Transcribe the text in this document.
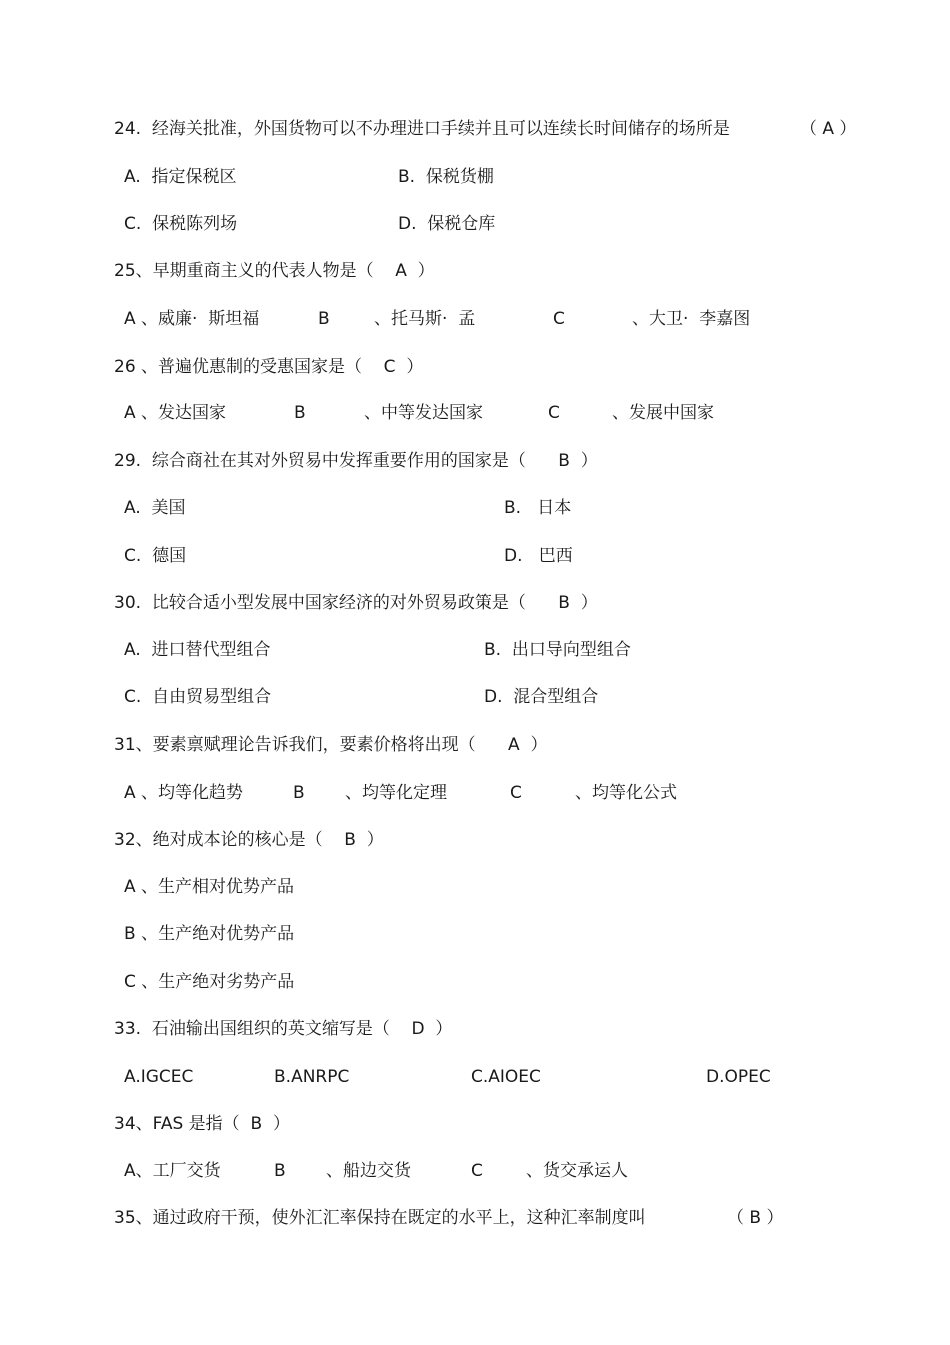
24.  经海关批准，外国货物可以不办理进口手续并且可以连续长时间储存的场所是	（ A ）
A.  指定保税区	B.  保税货棚
C.  保税陈列场	D.  保税仓库
25、早期重商主义的代表人物是（    A  ）
A 、威廉·  斯坦福	B	、托马斯·  孟	C	、大卫·  李嘉图
26 、普遍优惠制的受惠国家是（    C  ）
A 、发达国家	B	、中等发达国家	C	、发展中国家
29.  综合商社在其对外贸易中发挥重要作用的国家是（      B  ）
A.  美国	B.   日本
C.  德国	D.   巴西
30.  比较合适小型发展中国家经济的对外贸易政策是（      B  ）
A.  进口替代型组合	B.  出口导向型组合
C.  自由贸易型组合	D.  混合型组合
31、要素禀赋理论告诉我们，要素价格将出现（      A  ）
A 、均等化趋势	B 、均等化定理	C	、均等化公式
32、绝对成本论的核心是（    B  ）
A 、生产相对优势产品
B 、生产绝对优势产品
C 、生产绝对劣势产品
33.  石油输出国组织的英文缩写是（    D  ）
A.IGCEC	B.ANRPC	C.AIOEC	D.OPEC
34、FAS 是指（  B  ）
A、工厂交货	B 、船边交货	C	、货交承运人
35、通过政府干预，使外汇汇率保持在既定的水平上，这种汇率制度叫	（ B ）
